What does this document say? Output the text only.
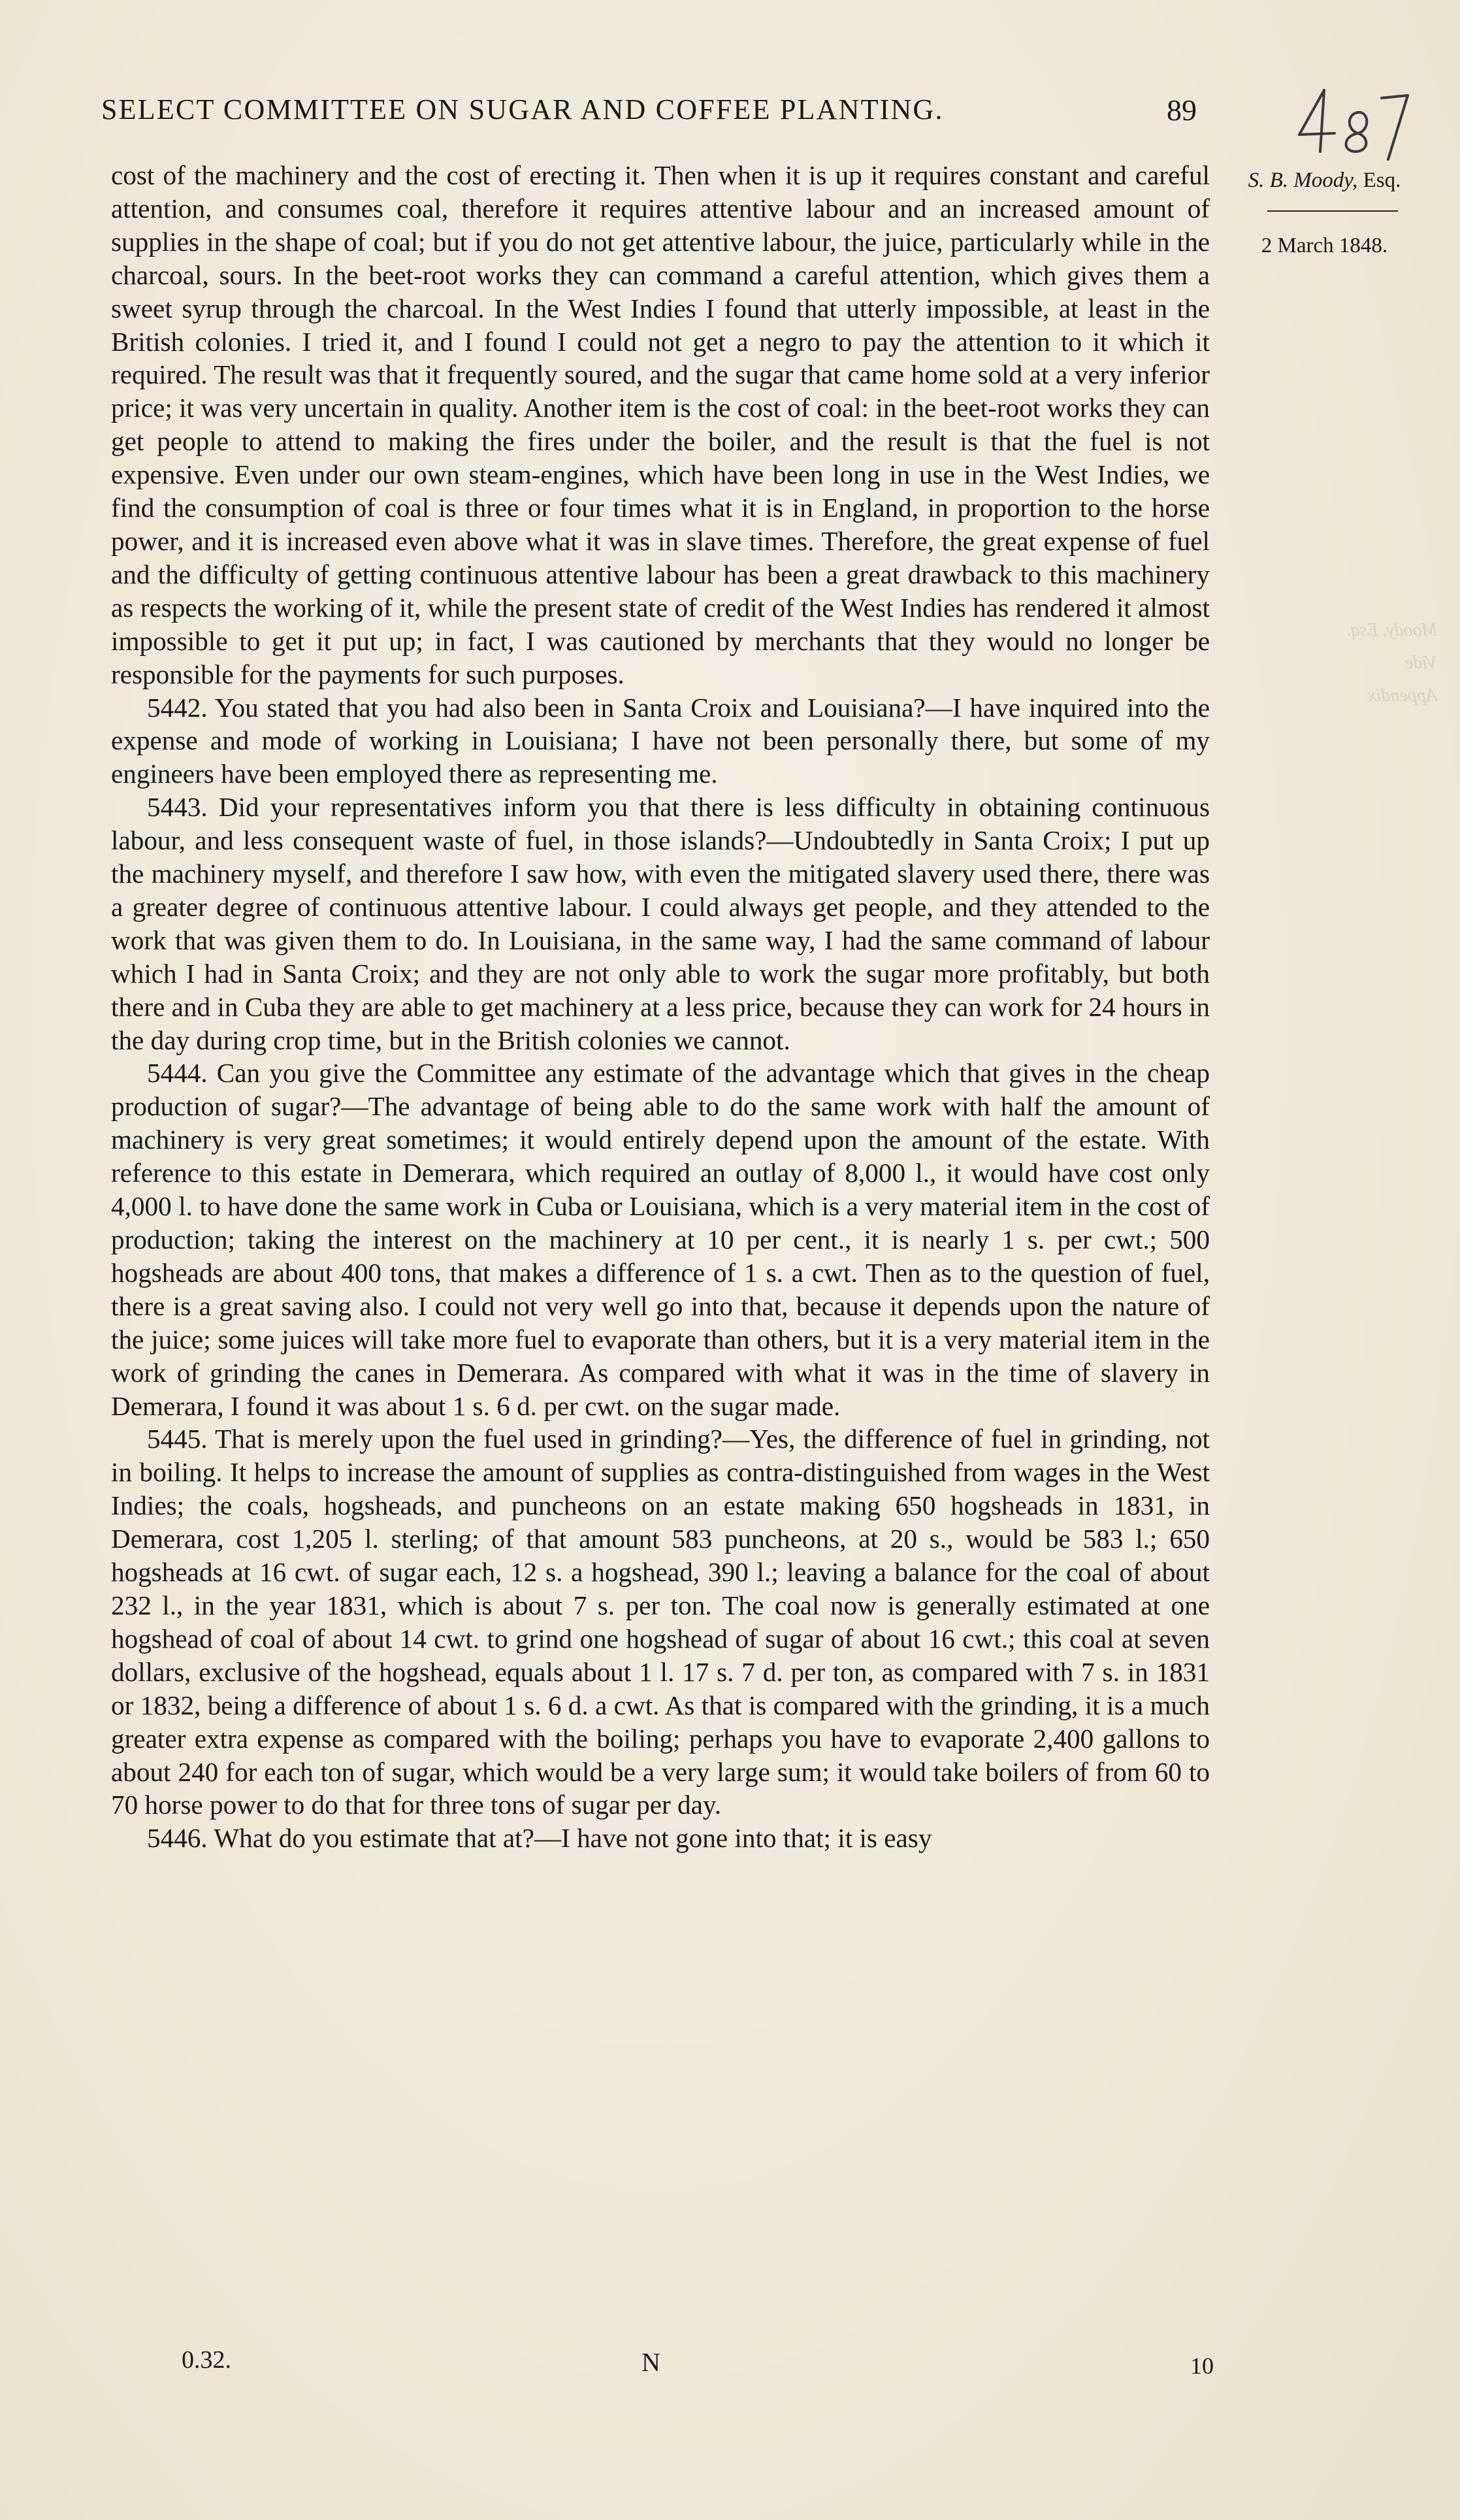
SELECT COMMITTEE ON SUGAR AND COFFEE PLANTING.	89
S. B. Moody, Esq.
2 March 1848.
Moody, Esq.
Vide Appendix

cost of the machinery and the cost of erecting it. Then when it is up it requires constant and careful attention, and consumes coal, therefore it requires attentive labour and an increased amount of supplies in the shape of coal; but if you do not get attentive labour, the juice, particularly while in the charcoal, sours. In the beet-root works they can command a careful attention, which gives them a sweet syrup through the charcoal. In the West Indies I found that utterly impossible, at least in the British colonies. I tried it, and I found I could not get a negro to pay the attention to it which it required. The result was that it frequently soured, and the sugar that came home sold at a very inferior price; it was very uncertain in quality. Another item is the cost of coal: in the beet-root works they can get people to attend to making the fires under the boiler, and the result is that the fuel is not expensive. Even under our own steam-engines, which have been long in use in the West Indies, we find the consumption of coal is three or four times what it is in England, in proportion to the horse power, and it is increased even above what it was in slave times. Therefore, the great expense of fuel and the difficulty of getting continuous attentive labour has been a great drawback to this machinery as respects the working of it, while the present state of credit of the West Indies has rendered it almost impossible to get it put up; in fact, I was cautioned by merchants that they would no longer be responsible for the payments for such purposes.

5442. You stated that you had also been in Santa Croix and Louisiana?—I have inquired into the expense and mode of working in Louisiana; I have not been personally there, but some of my engineers have been employed there as representing me.

5443. Did your representatives inform you that there is less difficulty in obtaining continuous labour, and less consequent waste of fuel, in those islands?—Undoubtedly in Santa Croix; I put up the machinery myself, and therefore I saw how, with even the mitigated slavery used there, there was a greater degree of continuous attentive labour. I could always get people, and they attended to the work that was given them to do. In Louisiana, in the same way, I had the same command of labour which I had in Santa Croix; and they are not only able to work the sugar more profitably, but both there and in Cuba they are able to get machinery at a less price, because they can work for 24 hours in the day during crop time, but in the British colonies we cannot.

5444. Can you give the Committee any estimate of the advantage which that gives in the cheap production of sugar?—The advantage of being able to do the same work with half the amount of machinery is very great sometimes; it would entirely depend upon the amount of the estate. With reference to this estate in Demerara, which required an outlay of 8,000 l., it would have cost only 4,000 l. to have done the same work in Cuba or Louisiana, which is a very material item in the cost of production; taking the interest on the machinery at 10 per cent., it is nearly 1 s. per cwt.; 500 hogsheads are about 400 tons, that makes a difference of 1 s. a cwt. Then as to the question of fuel, there is a great saving also. I could not very well go into that, because it depends upon the nature of the juice; some juices will take more fuel to evaporate than others, but it is a very material item in the work of grinding the canes in Demerara. As compared with what it was in the time of slavery in Demerara, I found it was about 1 s. 6 d. per cwt. on the sugar made.

5445. That is merely upon the fuel used in grinding?—Yes, the difference of fuel in grinding, not in boiling. It helps to increase the amount of supplies as contra-distinguished from wages in the West Indies; the coals, hogsheads, and puncheons on an estate making 650 hogsheads in 1831, in Demerara, cost 1,205 l. sterling; of that amount 583 puncheons, at 20 s., would be 583 l.; 650 hogsheads at 16 cwt. of sugar each, 12 s. a hogshead, 390 l.; leaving a balance for the coal of about 232 l., in the year 1831, which is about 7 s. per ton. The coal now is generally estimated at one hogshead of coal of about 14 cwt. to grind one hogshead of sugar of about 16 cwt.; this coal at seven dollars, exclusive of the hogshead, equals about 1 l. 17 s. 7 d. per ton, as compared with 7 s. in 1831 or 1832, being a difference of about 1 s. 6 d. a cwt. As that is compared with the grinding, it is a much greater extra expense as compared with the boiling; perhaps you have to evaporate 2,400 gallons to about 240 for each ton of sugar, which would be a very large sum; it would take boilers of from 60 to 70 horse power to do that for three tons of sugar per day.

5446. What do you estimate that at?—I have not gone into that; it is easy

0.32.	N	10
